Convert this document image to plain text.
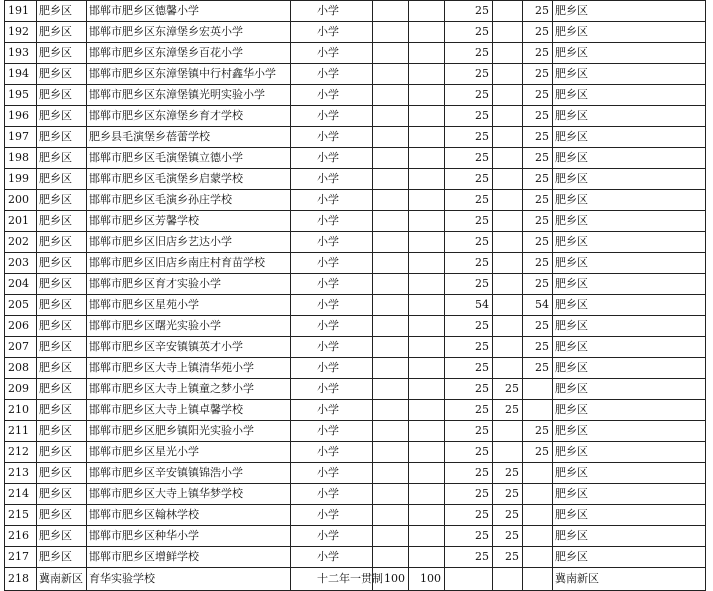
191	肥乡区	邯郸市肥乡区德馨小学	小学			25		25	肥乡区
192	肥乡区	邯郸市肥乡区东漳堡乡宏英小学	小学			25		25	肥乡区
193	肥乡区	邯郸市肥乡区东漳堡乡百花小学	小学			25		25	肥乡区
194	肥乡区	邯郸市肥乡区东漳堡镇中行村鑫华小学	小学			25		25	肥乡区
195	肥乡区	邯郸市肥乡区东漳堡镇光明实验小学	小学			25		25	肥乡区
196	肥乡区	邯郸市肥乡区东漳堡乡育才学校	小学			25		25	肥乡区
197	肥乡区	肥乡县毛演堡乡蓓蕾学校	小学			25		25	肥乡区
198	肥乡区	邯郸市肥乡区毛演堡镇立德小学	小学			25		25	肥乡区
199	肥乡区	邯郸市肥乡区毛演堡乡启蒙学校	小学			25		25	肥乡区
200	肥乡区	邯郸市肥乡区毛演乡孙庄学校	小学			25		25	肥乡区
201	肥乡区	邯郸市肥乡区芳馨学校	小学			25		25	肥乡区
202	肥乡区	邯郸市肥乡区旧店乡艺达小学	小学			25		25	肥乡区
203	肥乡区	邯郸市肥乡区旧店乡南庄村育苗学校	小学			25		25	肥乡区
204	肥乡区	邯郸市肥乡区育才实验小学	小学			25		25	肥乡区
205	肥乡区	邯郸市肥乡区星苑小学	小学			54		54	肥乡区
206	肥乡区	邯郸市肥乡区曙光实验小学	小学			25		25	肥乡区
207	肥乡区	邯郸市肥乡区辛安镇镇英才小学	小学			25		25	肥乡区
208	肥乡区	邯郸市肥乡区大寺上镇清华苑小学	小学			25		25	肥乡区
209	肥乡区	邯郸市肥乡区大寺上镇童之梦小学	小学			25	25		肥乡区
210	肥乡区	邯郸市肥乡区大寺上镇卓馨学校	小学			25	25		肥乡区
211	肥乡区	邯郸市肥乡区肥乡镇阳光实验小学	小学			25		25	肥乡区
212	肥乡区	邯郸市肥乡区星光小学	小学			25		25	肥乡区
213	肥乡区	邯郸市肥乡区辛安镇镇锦浩小学	小学			25	25		肥乡区
214	肥乡区	邯郸市肥乡区大寺上镇华梦学校	小学			25	25		肥乡区
215	肥乡区	邯郸市肥乡区翰林学校	小学			25	25		肥乡区
216	肥乡区	邯郸市肥乡区种华小学	小学			25	25		肥乡区
217	肥乡区	邯郸市肥乡区增鲜学校	小学			25	25		肥乡区
218	冀南新区	育华实验学校	十二年一贯制	100	100				冀南新区
